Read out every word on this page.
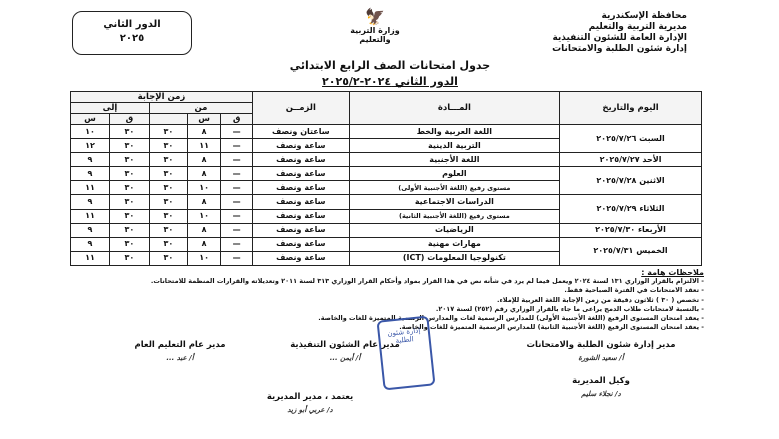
محافظة الإسكندرية
مديرية التربية والتعليم
الإدارة العامة للشئون التنفيذية
إدارة شئون الطلبة والامتحانات
🦅
وزارة التربية والتعليم
الدور الثاني
٢٠٢٥
جدول امتحانات الصف الرابع الابتدائي
الدور الثاني ٢٠٢٤-٢٠٢٥/٢
اليوم والتاريخ	المـــادة	الزمــن	زمن الإجابة				
			من			إلى	
			ق	س		ق	س
السبت ٢٠٢٥/٧/٢٦	اللغة العربية والخط	ساعتان ونصف	—	٨	٣٠	٣٠	١٠
	التربية الدينية	ساعة ونصف	—	١١	٣٠	٣٠	١٢
الأحد ٢٠٢٥/٧/٢٧	اللغة الأجنبية	ساعة ونصف	—	٨	٣٠	٣٠	٩
الاثنين ٢٠٢٥/٧/٢٨	العلوم	ساعة ونصف	—	٨	٣٠	٣٠	٩
	مستوى رفيع (اللغة الأجنبية الأولى)	ساعة ونصف	—	١٠	٣٠	٣٠	١١
الثلاثاء ٢٠٢٥/٧/٢٩	الدراسات الاجتماعية	ساعة ونصف	—	٨	٣٠	٣٠	٩
	مستوى رفيع (اللغة الأجنبية الثانية)	ساعة ونصف	—	١٠	٣٠	٣٠	١١
الأربعاء ٢٠٢٥/٧/٣٠	الرياضيات	ساعة ونصف	—	٨	٣٠	٣٠	٩
الخميس ٢٠٢٥/٧/٣١	مهارات مهنية	ساعة ونصف	—	٨	٣٠	٣٠	٩
	تكنولوجيا المعلومات (ICT)	ساعة ونصف	—	١٠	٣٠	٣٠	١١
ملاحظات هامة :
- الالتزام بالقرار الوزاري ١٣١ لسنة ٢٠٢٤ ويعمل فيما لم يرد في شأنه نص في هذا القرار بمواد وأحكام القرار الوزاري ٣١٣ لسنة ٢٠١١ وتعديلاته والقرارات المنظمة للامتحانات.
- تعقد الامتحانات في الفترة الصباحية فقط.
- تخصص ( ٣٠ ) ثلاثون دقيقة من زمن الإجابة اللغة العربية للإملاء.
- بالنسبة لامتحانات طلاب الدمج يراعى ما جاء بالقرار الوزاري رقم (٢٥٢) لسنة ٢٠١٧.
- يعقد امتحان المستوى الرفيع (اللغة الأجنبية الأولى) للمدارس الرسمية لغات والمدارس الرسمية المتميزة للغات والخاصة.
- يعقد امتحان المستوى الرفيع (اللغة الأجنبية الثانية) للمدارس الرسمية المتميزة للغات والخاصة.
مدير إدارة شئون الطلبة والامتحانات
أ/ سعيد الشورة
وكيل المديرية
د/ نجلاء سليم
مدير عام الشئون التنفيذية
أ/ أيمن ...
مدير عام التعليم العام
أ/ عبد ...
يعتمد ، مدير المديرية
د/ عربي أبو زيد
إدارة شئون الطلبة
